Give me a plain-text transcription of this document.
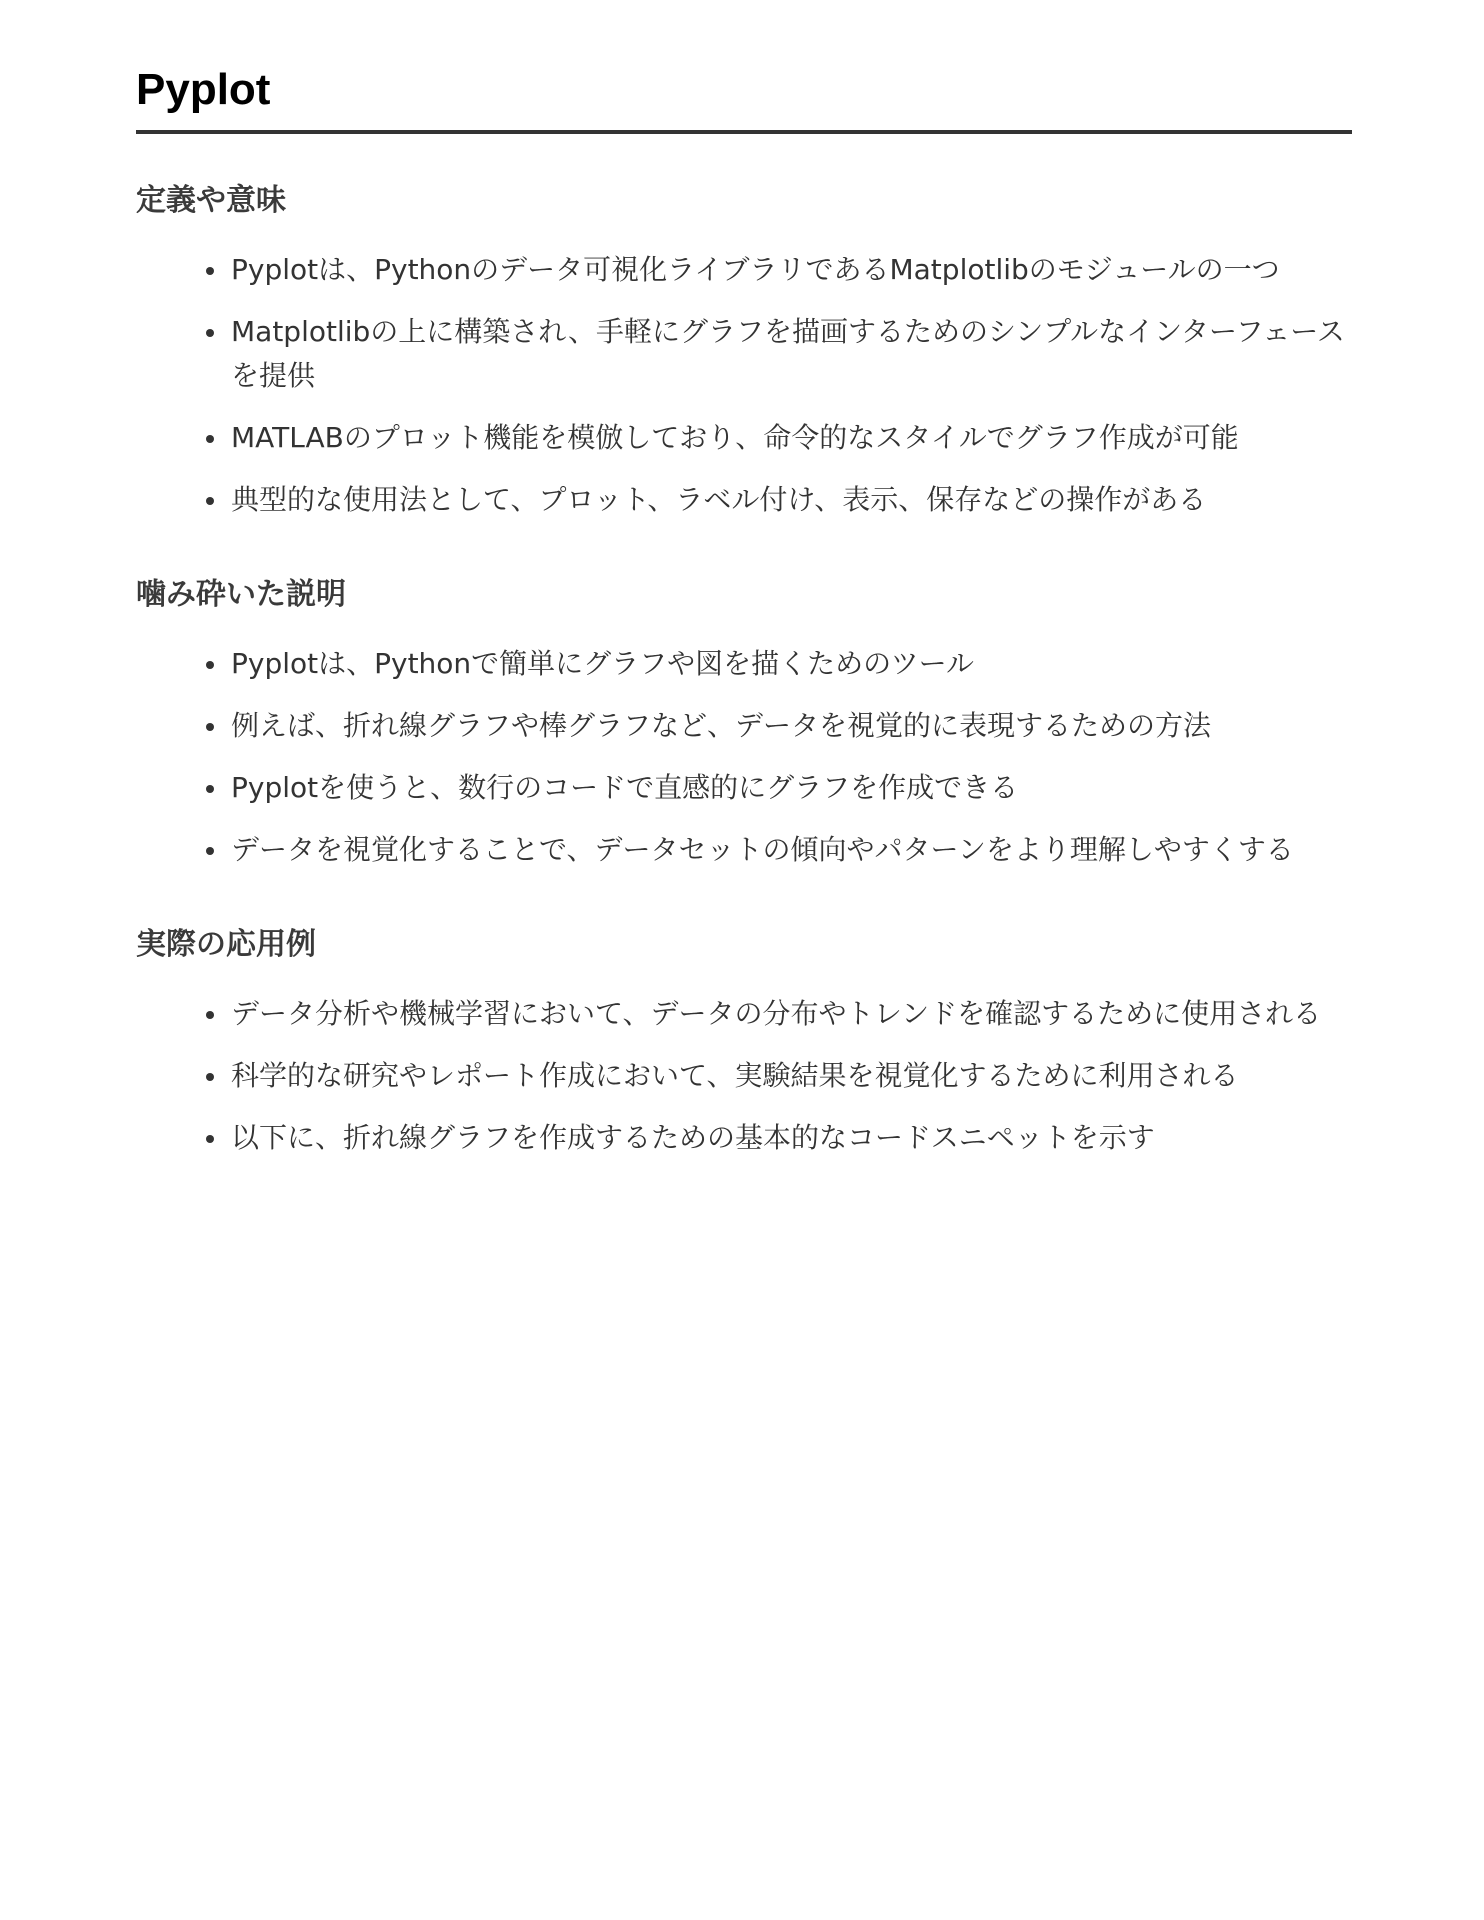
Pyplot
定義や意味
Pyplotは、Pythonのデータ可視化ライブラリであるMatplotlibのモジュールの一つ
Matplotlibの上に構築され、手軽にグラフを描画するためのシンプルなインターフェースを提供
MATLABのプロット機能を模倣しており、命令的なスタイルでグラフ作成が可能
典型的な使用法として、プロット、ラベル付け、表示、保存などの操作がある
噛み砕いた説明
Pyplotは、Pythonで簡単にグラフや図を描くためのツール
例えば、折れ線グラフや棒グラフなど、データを視覚的に表現するための方法
Pyplotを使うと、数行のコードで直感的にグラフを作成できる
データを視覚化することで、データセットの傾向やパターンをより理解しやすくする
実際の応用例
データ分析や機械学習において、データの分布やトレンドを確認するために使用される
科学的な研究やレポート作成において、実験結果を視覚化するために利用される
以下に、折れ線グラフを作成するための基本的なコードスニペットを示す
